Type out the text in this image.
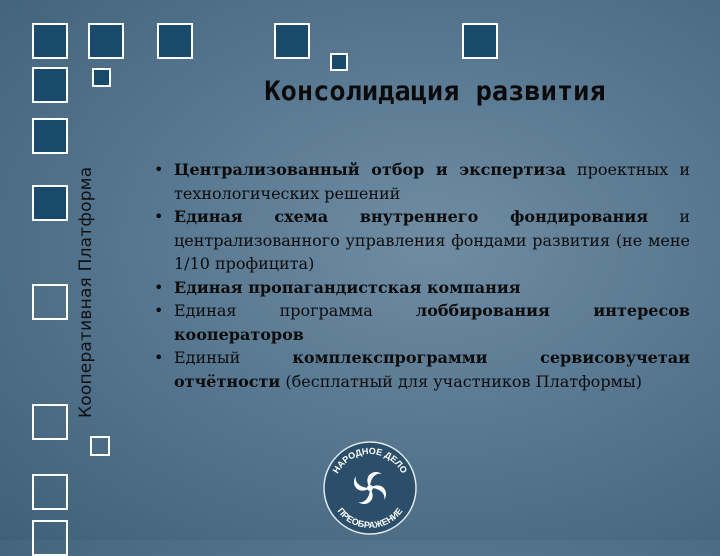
Кооперативная Платформа
Консолидация развития
• Централизованный отбор и экспертиза проектных и технологических решений
• Единая схема внутреннего фондирования и централизованного управления фондами развития (не мене 1/10 профицита)
• Единая пропагандистская компания
• Единая программа лоббирования интересов кооператоров
• Единый комплекспрограмми сервисовучетаи отчётности (бесплатный для участников Платформы)
НАРОДНОЕ ДЕЛО
ПРЕОБРАЖЕНИЕ
